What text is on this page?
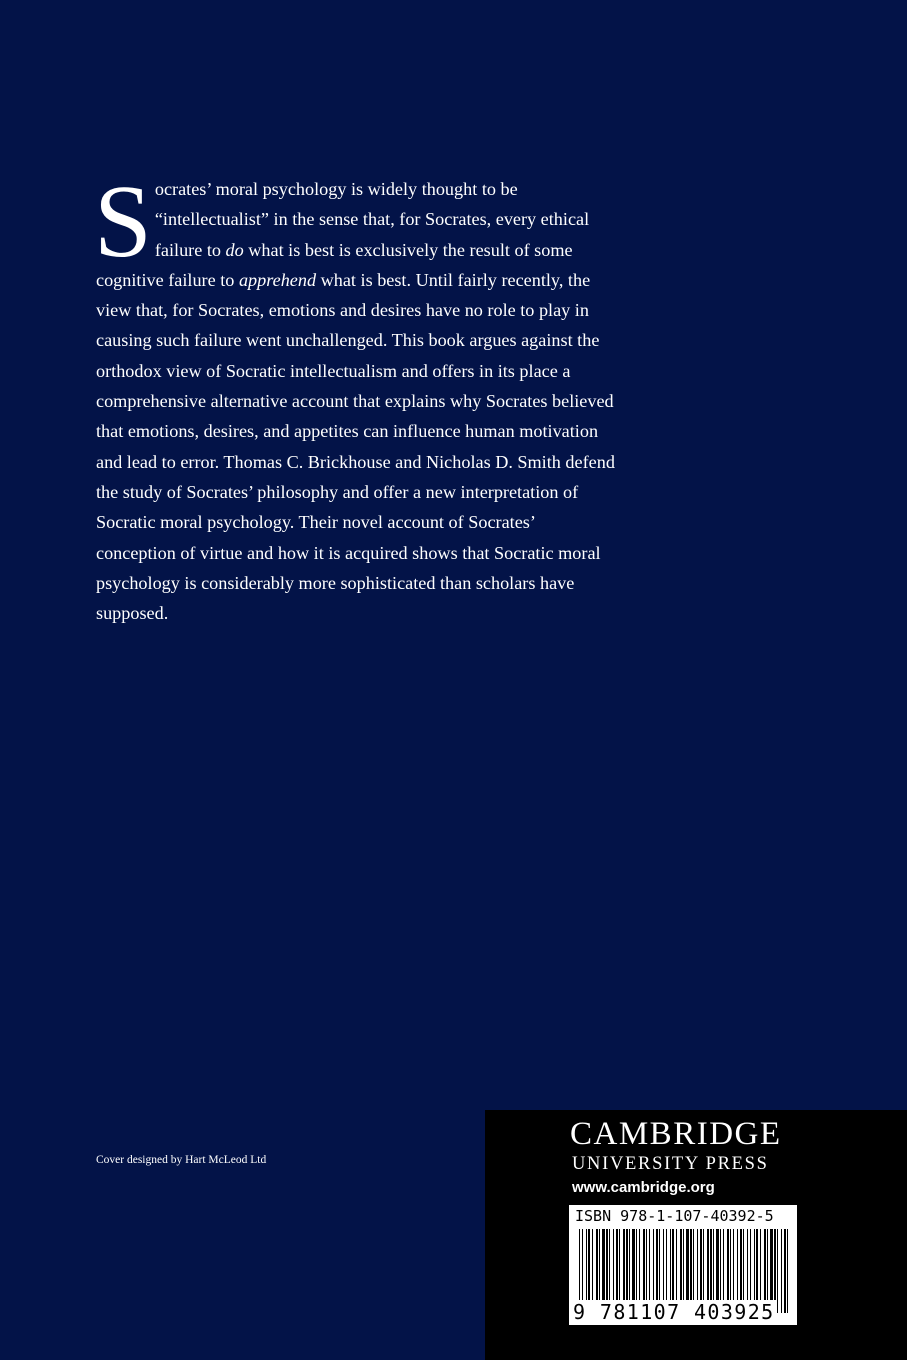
S ocrates’ moral psychology is widely thought to be “intellectualist” in the sense that, for Socrates, every ethical failure to do what is best is exclusively the result of some cognitive failure to apprehend what is best. Until fairly recently, the view that, for Socrates, emotions and desires have no role to play in causing such failure went unchallenged. This book argues against the orthodox view of Socratic intellectualism and offers in its place a comprehensive alternative account that explains why Socrates believed that emotions, desires, and appetites can influence human motivation and lead to error. Thomas C. Brickhouse and Nicholas D. Smith defend the study of Socrates’ philosophy and offer a new interpretation of Socratic moral psychology. Their novel account of Socrates’ conception of virtue and how it is acquired shows that Socratic moral psychology is considerably more sophisticated than scholars have supposed.

Cover designed by Hart McLeod Ltd
CAMBRIDGE
UNIVERSITY PRESS
www.cambridge.org
ISBN 978-1-107-40392-5
9 781107 403925
